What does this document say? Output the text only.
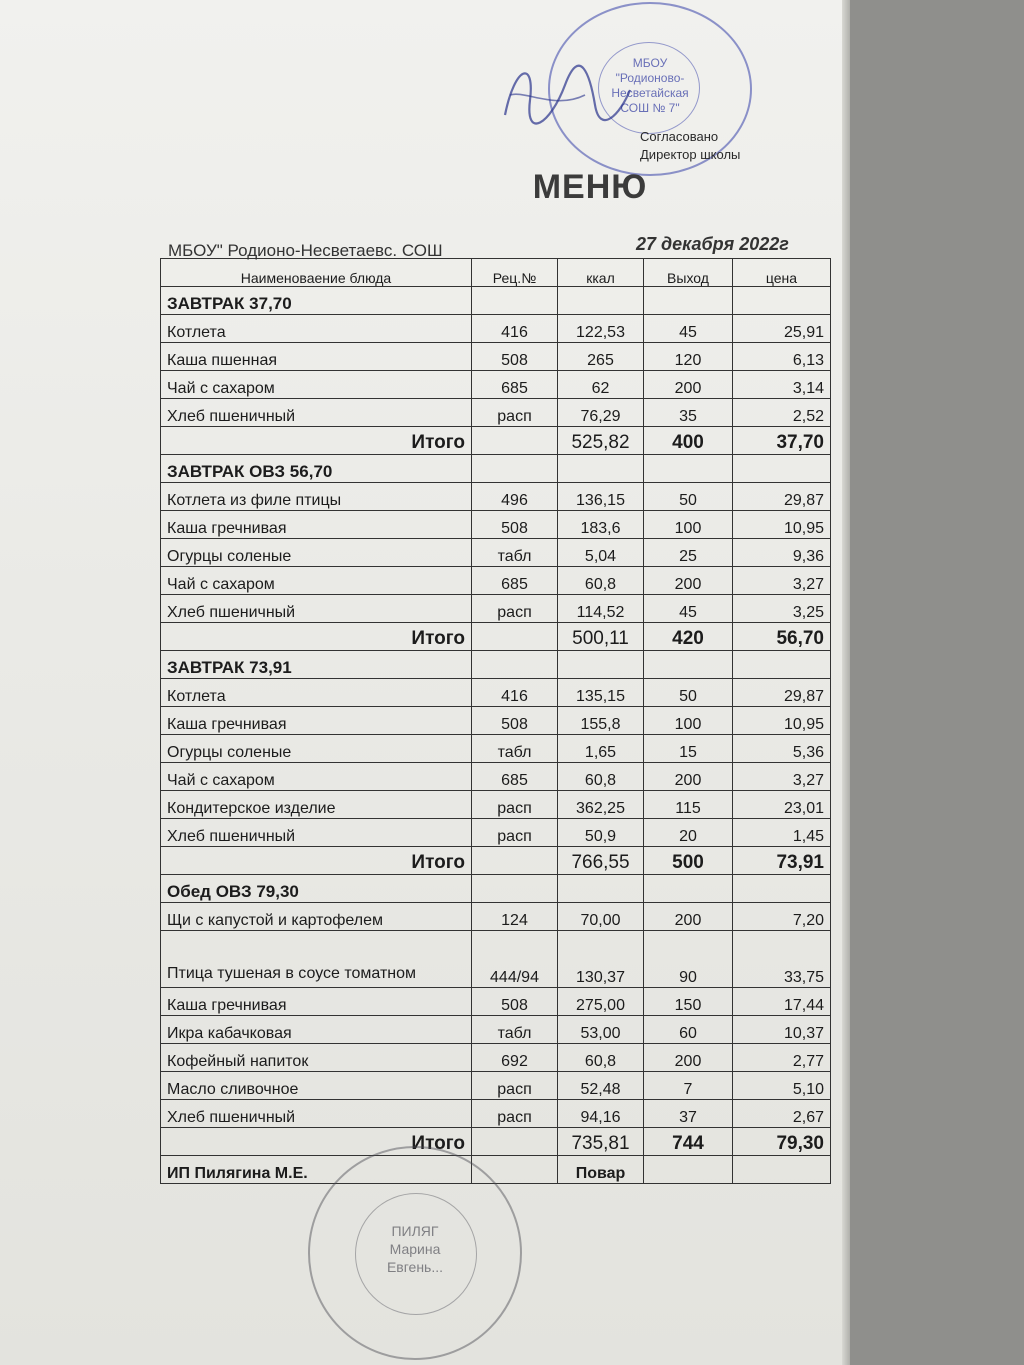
МБОУ
"Родионово-
Несветайская
СОШ № 7"
Согласовано
Директор школы
МЕНЮ
МБОУ" Родионо-Несветаевс. СОШ	27 декабря 2022г
Наименоваение блюда	Рец.№	ккал	Выход	цена
ЗАВТРАК 37,70				
Котлета	416	122,53	45	25,91
Каша пшенная	508	265	120	6,13
Чай с сахаром	685	62	200	3,14
Хлеб пшеничный	расп	76,29	35	2,52
Итого		525,82	400	37,70
ЗАВТРАК ОВЗ 56,70				
Котлета из филе птицы	496	136,15	50	29,87
Каша гречнивая	508	183,6	100	10,95
Огурцы соленые	табл	5,04	25	9,36
Чай с сахаром	685	60,8	200	3,27
Хлеб пшеничный	расп	114,52	45	3,25
Итого		500,11	420	56,70
ЗАВТРАК 73,91				
Котлета	416	135,15	50	29,87
Каша гречнивая	508	155,8	100	10,95
Огурцы соленые	табл	1,65	15	5,36
Чай с сахаром	685	60,8	200	3,27
Кондитерское изделие	расп	362,25	115	23,01
Хлеб пшеничный	расп	50,9	20	1,45
Итого		766,55	500	73,91
Обед ОВЗ 79,30				
Щи с капустой и картофелем	124	70,00	200	7,20
Птица тушеная в соусе томатном	444/94	130,37	90	33,75
Каша гречнивая	508	275,00	150	17,44
Икра кабачковая	табл	53,00	60	10,37
Кофейный напиток	692	60,8	200	2,77
Масло сливочное	расп	52,48	7	5,10
Хлеб пшеничный	расп	94,16	37	2,67
Итого		735,81	744	79,30
ИП Пилягина М.Е.		Повар		
ПИЛЯГ
Марина
Евгень...
